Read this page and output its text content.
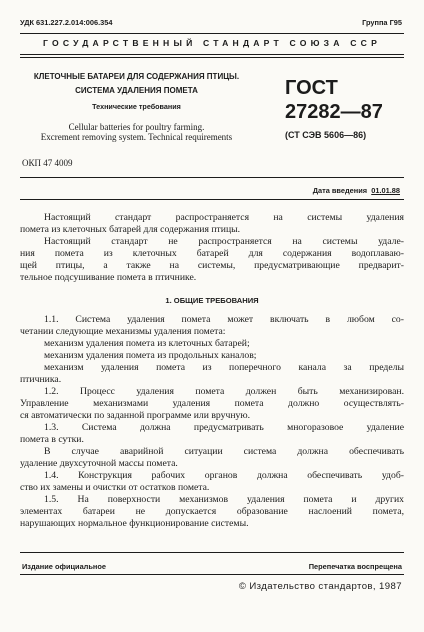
УДК 631.227.2.014:006.354	Группа Г95
ГОСУДАРСТВЕННЫЙ СТАНДАРТ СОЮЗА ССР
КЛЕТОЧНЫЕ БАТАРЕИ ДЛЯ СОДЕРЖАНИЯ ПТИЦЫ.
СИСТЕМА УДАЛЕНИЯ ПОМЕТА
Технические требования
Cellular batteries for poultry farming.
Excrement removing system. Technical requirements
ГОСТ
27282—87
(СТ СЭВ 5606—86)
ОКП 47 4009
Дата введения 01.01.88
Настоящий стандарт распространяется на системы удаления
помета из клеточных батарей для содержания птицы.
Настоящий стандарт не распространяется на системы удале-
ния помета из клеточных батарей для содержания водоплаваю-
щей птицы, а также на системы, предусматривающие предварит-
тельное подсушивание помета в птичнике.
1. ОБЩИЕ ТРЕБОВАНИЯ
1.1. Система удаления помета может включать в любом со-
четании следующие механизмы удаления помета:
механизм удаления помета из клеточных батарей;
механизм удаления помета из продольных каналов;
механизм удаления помета из поперечного канала за пределы
птичника.
1.2. Процесс удаления помета должен быть механизирован.
Управление механизмами удаления помета должно осуществлять-
ся автоматически по заданной программе или вручную.
1.3. Система должна предусматривать многоразовое удаление
помета в сутки.
В случае аварийной ситуации система должна обеспечивать
удаление двухсуточной массы помета.
1.4. Конструкция рабочих органов должна обеспечивать удоб-
ство их замены и очистки от остатков помета.
1.5. На поверхности механизмов удаления помета и других
элементах батареи не допускается образование наслоений помета,
нарушающих нормальное функционирование системы.
Издание официальное	Перепечатка воспрещена
© Издательство стандартов, 1987
